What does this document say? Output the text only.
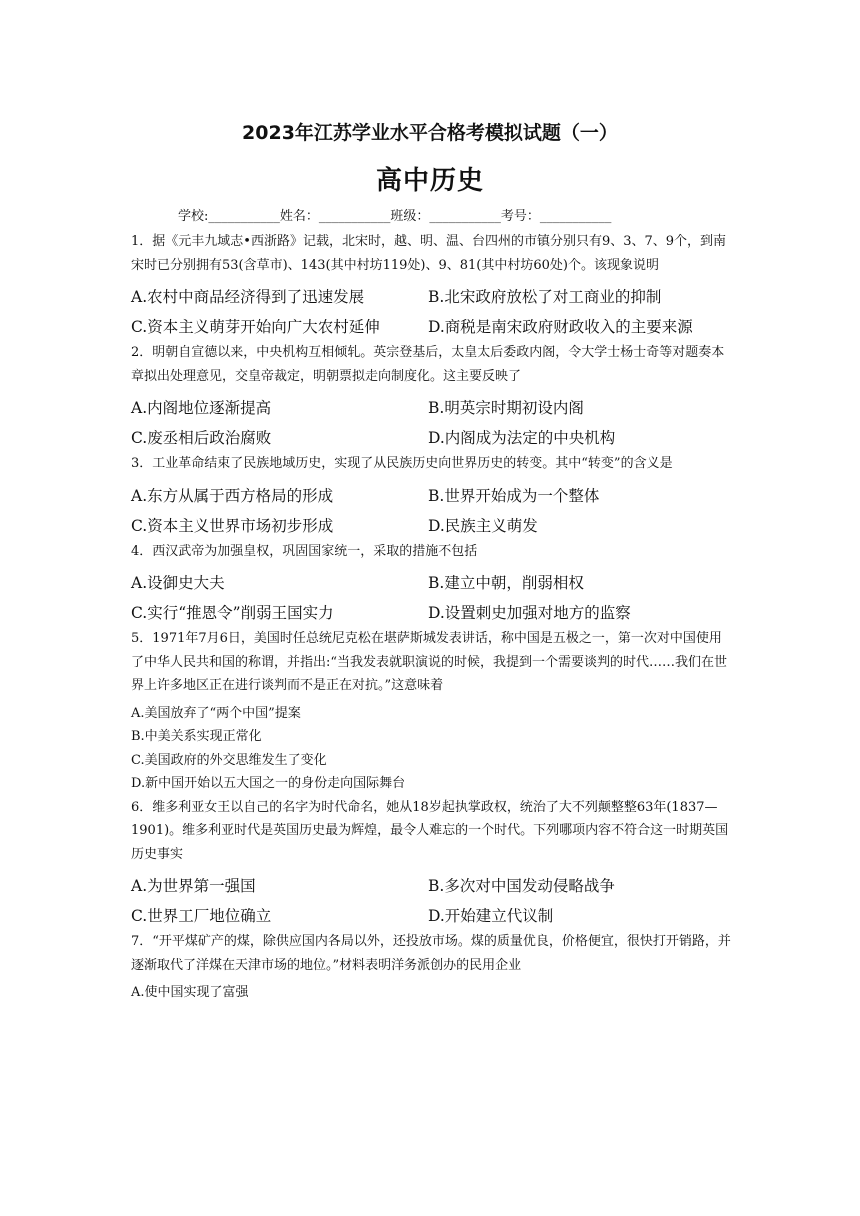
2023年江苏学业水平合格考模拟试题（一）
高中历史
学校:___________姓名：___________班级：___________考号：___________

1．据《元丰九域志•西浙路》记载，北宋时，越、明、温、台四州的市镇分别只有9、3、7、9个，到南宋时已分别拥有53(含草市)、143(其中村坊119处)、9、81(其中村坊60处)个。该现象说明

A.农村中商品经济得到了迅速发展	B.北宋政府放松了对工商业的抑制
C.资本主义萌芽开始向广大农村延伸	D.商税是南宋政府财政收入的主要来源

2．明朝自宣德以来，中央机构互相倾轧。英宗登基后，太皇太后委政内阁，令大学士杨士奇等对题奏本章拟出处理意见，交皇帝裁定，明朝票拟走向制度化。这主要反映了

A.内阁地位逐渐提高	B.明英宗时期初设内阁
C.废丞相后政治腐败	D.内阁成为法定的中央机构

3．工业革命结束了民族地域历史，实现了从民族历史向世界历史的转变。其中“转变”的含义是

A.东方从属于西方格局的形成	B.世界开始成为一个整体
C.资本主义世界市场初步形成	D.民族主义萌发

4．西汉武帝为加强皇权，巩固国家统一，采取的措施不包括

A.设御史大夫	B.建立中朝，削弱相权
C.实行“推恩令”削弱王国实力	D.设置刺史加强对地方的监察

5．1971年7月6日，美国时任总统尼克松在堪萨斯城发表讲话，称中国是五极之一，第一次对中国使用了中华人民共和国的称谓，并指出:“当我发表就职演说的时候，我提到一个需要谈判的时代……我们在世界上许多地区正在进行谈判而不是正在对抗。”这意味着

A.美国放弃了“两个中国”提案

B.中美关系实现正常化

C.美国政府的外交思维发生了变化

D.新中国开始以五大国之一的身份走向国际舞台

6．维多利亚女王以自己的名字为时代命名，她从18岁起执掌政权，统治了大不列颠整整63年(1837—1901)。维多利亚时代是英国历史最为辉煌，最令人难忘的一个时代。下列哪项内容不符合这一时期英国历史事实

A.为世界第一强国	B.多次对中国发动侵略战争
C.世界工厂地位确立	D.开始建立代议制

7．“开平煤矿产的煤，除供应国内各局以外，还投放市场。煤的质量优良，价格便宜，很快打开销路，并逐渐取代了洋煤在天津市场的地位。”材料表明洋务派创办的民用企业

A.使中国实现了富强
